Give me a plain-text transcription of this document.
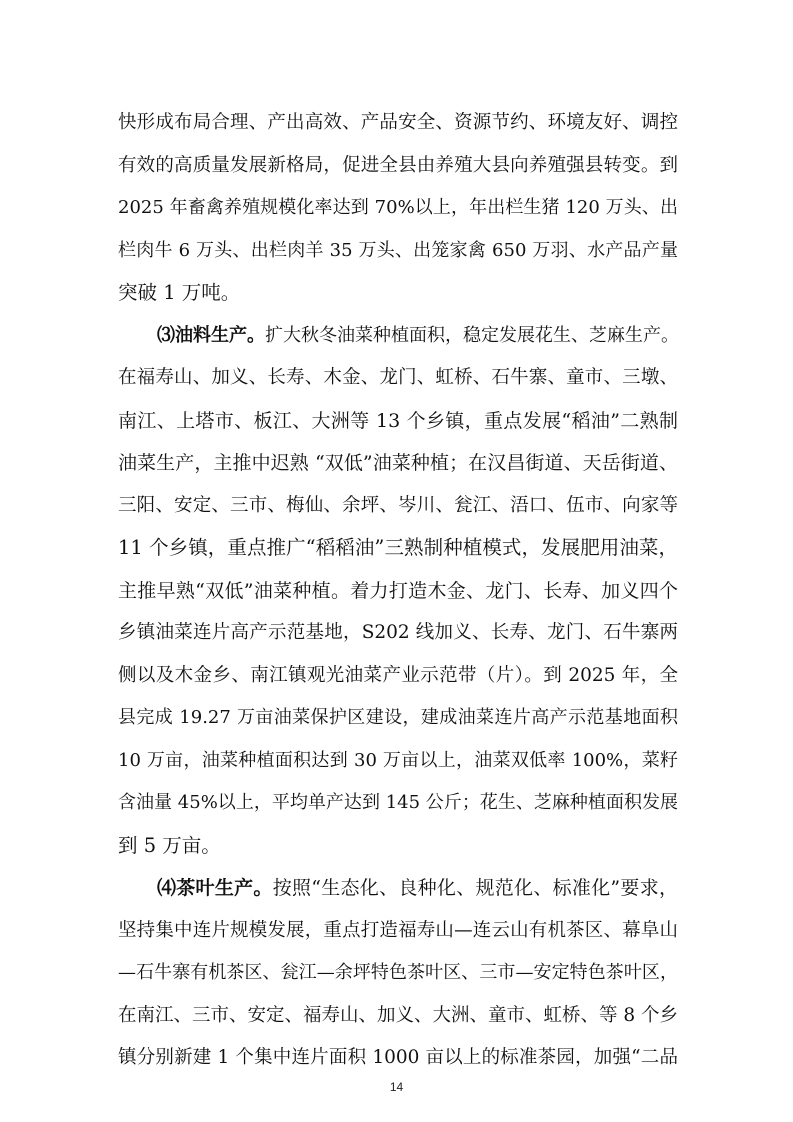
快形成布局合理、产出高效、产品安全、资源节约、环境友好、调控
有效的高质量发展新格局，促进全县由养殖大县向养殖强县转变。到
2025 年畜禽养殖规模化率达到 70%以上，年出栏生猪 120 万头、出
栏肉牛 6 万头、出栏肉羊 35 万头、出笼家禽 650 万羽、水产品产量
突破 1 万吨。
⑶油料生产。扩大秋冬油菜种植面积，稳定发展花生、芝麻生产。
在福寿山、加义、长寿、木金、龙门、虹桥、石牛寨、童市、三墩、
南江、上塔市、板江、大洲等 13 个乡镇，重点发展“稻油”二熟制
油菜生产，主推中迟熟 “双低”油菜种植；在汉昌街道、天岳街道、
三阳、安定、三市、梅仙、余坪、岑川、瓮江、浯口、伍市、向家等
11 个乡镇，重点推广“稻稻油”三熟制种植模式，发展肥用油菜，
主推早熟“双低”油菜种植。着力打造木金、龙门、长寿、加义四个
乡镇油菜连片高产示范基地，S202 线加义、长寿、龙门、石牛寨两
侧以及木金乡、南江镇观光油菜产业示范带（片）。到 2025 年，全
县完成 19.27 万亩油菜保护区建设，建成油菜连片高产示范基地面积
10 万亩，油菜种植面积达到 30 万亩以上，油菜双低率 100%，菜籽
含油量 45%以上，平均单产达到 145 公斤；花生、芝麻种植面积发展
到 5 万亩。
⑷茶叶生产。按照“生态化、良种化、规范化、标准化”要求，
坚持集中连片规模发展，重点打造福寿山—连云山有机茶区、幕阜山
—石牛寨有机茶区、瓮江—余坪特色茶叶区、三市—安定特色茶叶区，
在南江、三市、安定、福寿山、加义、大洲、童市、虹桥、等 8 个乡
镇分别新建 1 个集中连片面积 1000 亩以上的标准茶园，加强“二品
14
